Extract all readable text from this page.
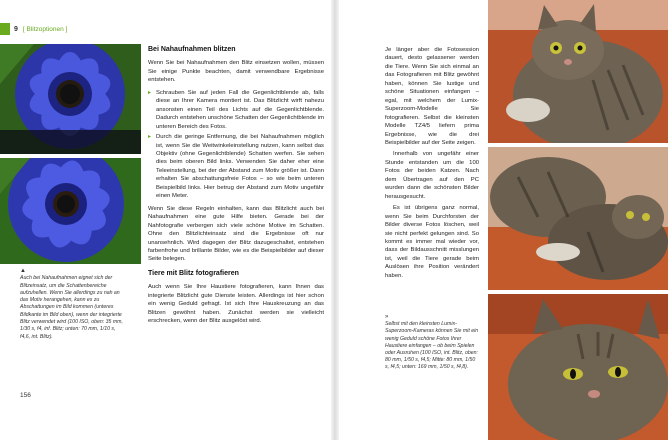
9 [ Blitzoptionen ]
▲
Auch bei Nahaufnahmen eignet sich der Blitzeinsatz, um die Schattenbereiche aufzuhellen. Wenn Sie allerdings zu nah an das Motiv herangehen, kann es zu Abschattungen im Bild kommen (unteres Bildkante im Bild oben), wenn der integrierte Blitz verwendet wird (100 ISO, oben: 35 mm, 1/30 s, f4, inf. Blitz; unten: 70 mm, 1/10 s, f4,6, int. Blitz).
Bei Nahaufnahmen blitzen

Wenn Sie bei Nahaufnahmen den Blitz einsetzen wollen, müssen Sie einige Punkte beachten, damit verwendbare Ergebnisse entstehen.

▸ Schrauben Sie auf jeden Fall die Gegenlichtblende ab, falls diese an Ihrer Kamera montiert ist. Das Blitzlicht wirft nahezu ansonsten einen Teil des Lichts auf die Gegenlichtblende. Dadurch entstehen unschöne Schatten der Gegenlichtblende im unteren Bereich des Fotos.
▸ Durch die geringe Entfernung, die bei Nahaufnahmen möglich ist, wenn Sie die Weitwinkeleinstellung nutzen, kann selbst das Objektiv (ohne Gegenlichtblende) Schatten werfen. Sie sehen dies beim oberen Bild links. Verwenden Sie daher eher eine Teleeinstellung, bei der der Abstand zum Motiv größer ist. Dann erhalten Sie abschattungsfreie Fotos – so wie beim unteren Beispielbild links. Hier betrug der Abstand zum Motiv ungefähr einen Meter.

Wenn Sie diese Regeln einhalten, kann das Blitzlicht auch bei Nahaufnahmen eine gute Hilfe bieten. Gerade bei der Nahfotografie verbergen sich viele schöne Motive im Schatten. Ohne den Blitzlichteinsatz sind die Ergebnisse oft nur unansehnlich. Wird dagegen der Blitz dazugeschaltet, entstehen farbenfrohe und brillante Bilder, wie es die Beispielbilder auf dieser Seite belegen.

Tiere mit Blitz fotografieren

Auch wenn Sie Ihre Haustiere fotografieren, kann Ihnen das integrierte Blitzlicht gute Dienste leisten. Allerdings ist hier schon ein wenig Geduld gefragt. Ist sich Ihre Hauskreuzung an das Blitzen gewöhnt haben. Zunächst werden sie vielleicht erschrecken, wenn der Blitz ausgelöst wird.

156

Je länger aber die Fotosession dauert, desto gelassener werden die Tiere. Wenn Sie sich einmal an das Fotografieren mit Blitz gewöhnt haben, können Sie lustige und schöne Situationen einfangen – egal, mit welchem der Lumix-Superzoom-Modelle Sie fotografieren. Selbst die kleinsten Modelle TZ4/5 liefern prima Ergebnisse, wie die drei Beispielbilder auf der Seite zeigen.

Innerhalb von ungefähr einer Stunde entstanden um die 100 Fotos der beiden Katzen. Nach dem Übertragen auf den PC wurden dann die schönsten Bilder herausgesucht.

Es ist übrigens ganz normal, wenn Sie beim Durchforsten der Bilder diverse Fotos löschen, weil sie nicht perfekt gelungen sind. So kommt es immer mal wieder vor, dass der Bildausschnitt misslungen ist, weil die Tiere gerade beim Auslösen ihre Position verändert haben.

»
Selbst mit den kleinsten Lumix-Superzoom-Kameras können Sie mit ein wenig Geduld schöne Fotos Ihrer Haustiere einfangen – ob beim Spielen oder Ausruhen (100 ISO, int. Blitz, oben: 80 mm, 1/50 s, f4,5; Mitte: 80 mm, 1/50 s, f4,5; unten: 169 mm, 1/50 s, f4,8).
